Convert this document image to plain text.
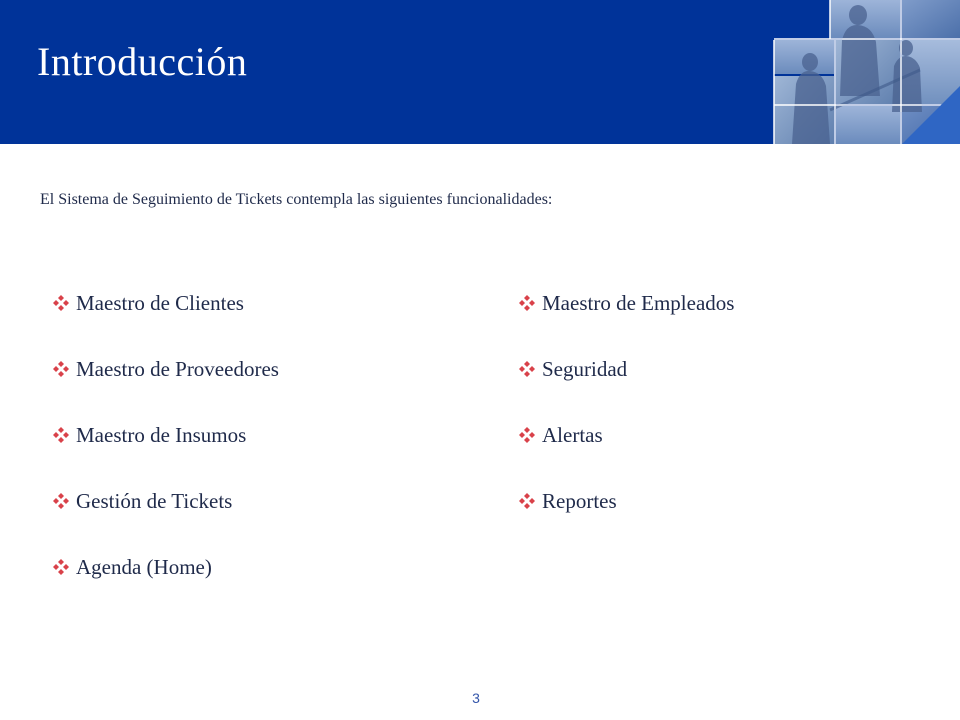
Introducción

El Sistema de Seguimiento de Tickets contempla las siguientes funcionalidades:

Maestro de Clientes
Maestro de Proveedores
Maestro de Insumos
Gestión de Tickets
Agenda (Home)
Maestro de Empleados
Seguridad
Alertas
Reportes

3
